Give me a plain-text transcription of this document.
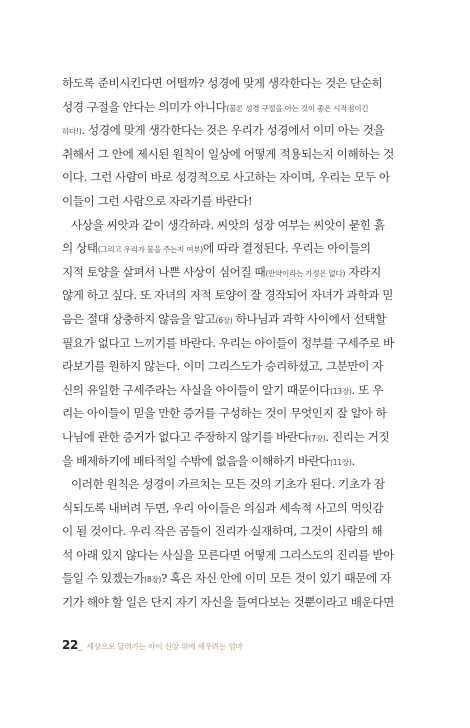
하도록 준비시킨다면 어떨까? 성경에 맞게 생각한다는 것은 단순히
성경 구절을 안다는 의미가 아니다(물론 성경 구절을 아는 것이 좋은 시작점이긴
하다!). 성경에 맞게 생각한다는 것은 우리가 성경에서 이미 아는 것을
취해서 그 안에 제시된 원칙이 일상에 어떻게 적용되는지 이해하는 것
이다. 그런 사람이 바로 성경적으로 사고하는 자이며, 우리는 모두 아
이들이 그런 사람으로 자라기를 바란다!
사상을 씨앗과 같이 생각하라. 씨앗의 성장 여부는 씨앗이 묻힌 흙
의 상태(그리고 우리가 물을 주는지 여부)에 따라 결정된다. 우리는 아이들의
지적 토양을 살펴서 나쁜 사상이 심어질 때(만약이라는 가정은 없다) 자라지
않게 하고 싶다. 또 자녀의 지적 토양이 잘 경작되어 자녀가 과학과 믿
음은 절대 상충하지 않음을 알고(6장) 하나님과 과학 사이에서 선택할
필요가 없다고 느끼기를 바란다. 우리는 아이들이 정부를 구세주로 바
라보기를 원하지 않는다. 이미 그리스도가 승리하셨고, 그분만이 자
신의 유일한 구세주라는 사실을 아이들이 알기 때문이다(13장). 또 우
리는 아이들이 믿을 만한 증거를 구성하는 것이 무엇인지 잘 알아 하
나님에 관한 증거가 없다고 주장하지 않기를 바란다(7장). 진리는 거짓
을 배제하기에 배타적일 수밖에 없음을 이해하기 바란다(11장).
이러한 원칙은 성경이 가르치는 모든 것의 기초가 된다. 기초가 잠
식되도록 내버려 두면, 우리 아이들은 의심과 세속적 사고의 먹잇감
이 될 것이다. 우리 작은 곰들이 진리가 실재하며, 그것이 사람의 해
석 아래 있지 않다는 사실을 모른다면 어떻게 그리스도의 진리를 받아
들일 수 있겠는가(8장)? 혹은 자신 안에 이미 모든 것이 있기 때문에 자
기가 해야 할 일은 단지 자기 자신을 들여다보는 것뿐이라고 배운다면
22 _ 세상으로 달려가는 아이 신앙 위에 세우려는 엄마
